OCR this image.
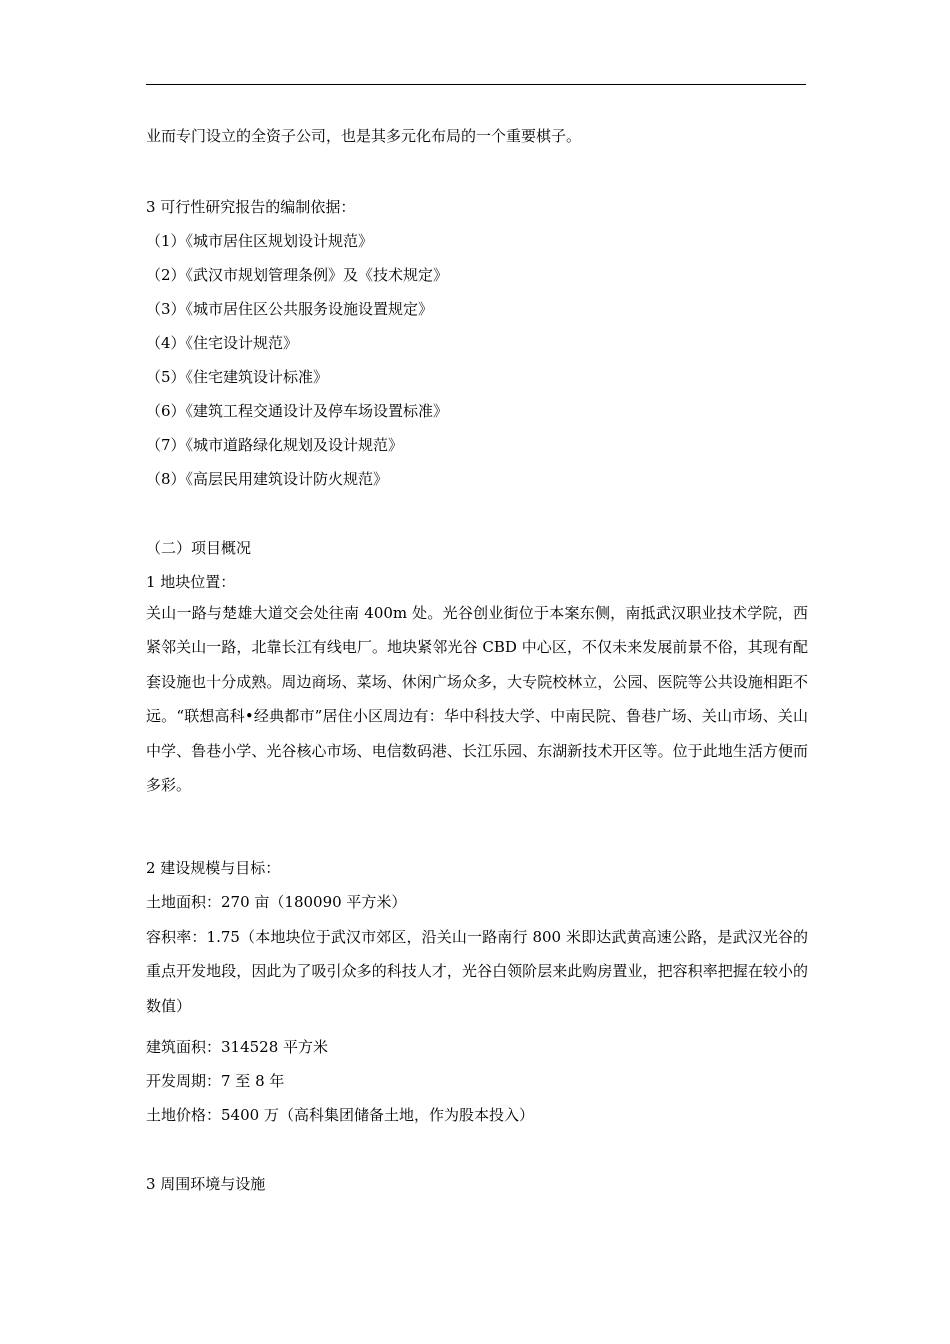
业而专门设立的全资子公司，也是其多元化布局的一个重要棋子。
3 可行性研究报告的编制依据：
（1）《城市居住区规划设计规范》
（2）《武汉市规划管理条例》及《技术规定》
（3）《城市居住区公共服务设施设置规定》
（4）《住宅设计规范》
（5）《住宅建筑设计标准》
（6）《建筑工程交通设计及停车场设置标准》
（7）《城市道路绿化规划及设计规范》
（8）《高层民用建筑设计防火规范》
（二）项目概况
1 地块位置：
关山一路与楚雄大道交会处往南 400m 处。光谷创业街位于本案东侧，南抵武汉职业技术学院，西紧邻关山一路，北靠长江有线电厂。地块紧邻光谷 CBD 中心区，不仅未来发展前景不俗，其现有配套设施也十分成熟。周边商场、菜场、休闲广场众多，大专院校林立，公园、医院等公共设施相距不远。“联想高科•经典都市”居住小区周边有：华中科技大学、中南民院、鲁巷广场、关山市场、关山中学、鲁巷小学、光谷核心市场、电信数码港、长江乐园、东湖新技术开区等。位于此地生活方便而多彩。
2 建设规模与目标：
土地面积：270 亩（180090 平方米）
容积率：1.75（本地块位于武汉市郊区，沿关山一路南行 800 米即达武黄高速公路，是武汉光谷的重点开发地段，因此为了吸引众多的科技人才，光谷白领阶层来此购房置业，把容积率把握在较小的数值）
建筑面积：314528 平方米
开发周期：7 至 8 年
土地价格：5400 万（高科集团储备土地，作为股本投入）
3 周围环境与设施
